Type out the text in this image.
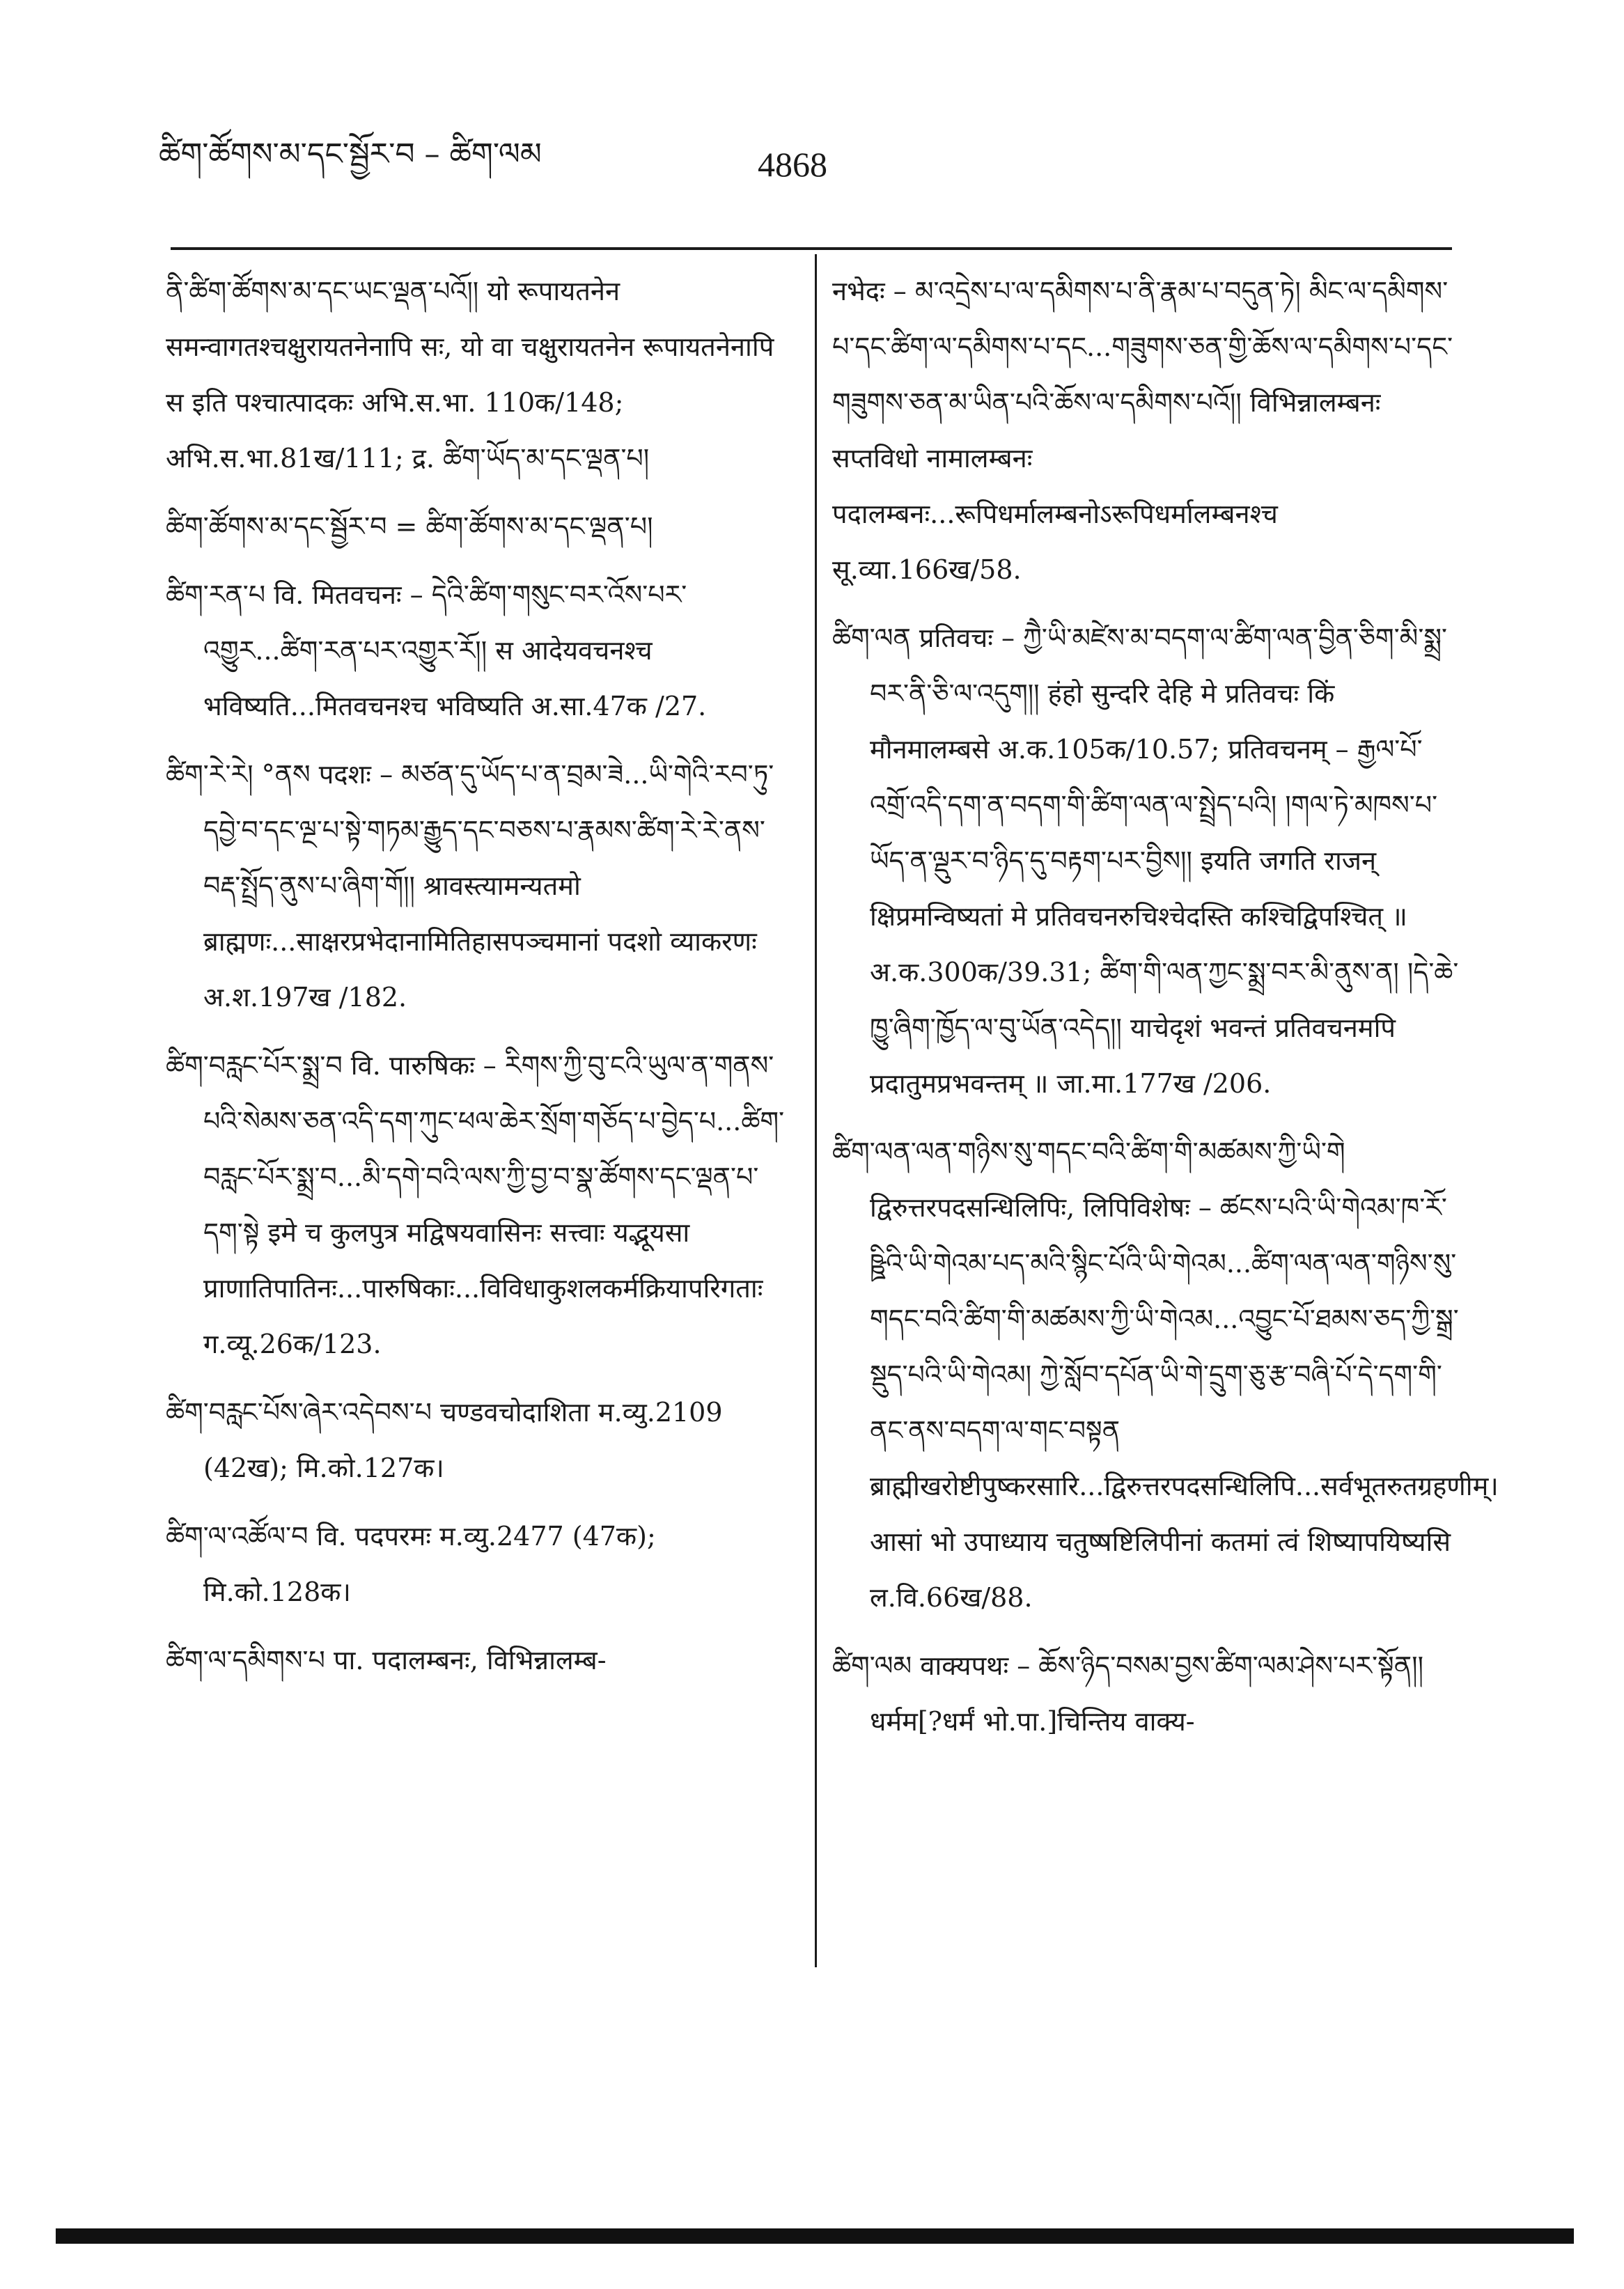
ཚིག་ཚོགས་མ་དང་སྦྱོར་བ – ཚིག་ལམ	4868

ནི་ཚིག་ཚོགས་མ་དང་ཡང་ལྡན་པའོ།། यो रूपायतनेन समन्वागतश्चक्षुरायतनेनापि सः, यो वा चक्षुरायतनेन रूपायतनेनापि स इति पश्चात्पादकः अभि.स.भा. 110क/148; अभि.स.भा.81ख/111; द्र. ཚིག་ཡོད་མ་དང་ལྡན་པ།

ཚིག་ཚོགས་མ་དང་སྦྱོར་བ = ཚིག་ཚོགས་མ་དང་ལྡན་པ།

ཚིག་རན་པ वि. मितवचनः – དེའི་ཚིག་གསུང་བར་འོས་པར་འགྱུར...ཚིག་རན་པར་འགྱུར་རོ།། स आदेयवचनश्च भविष्यति...मितवचनश्च भविष्यति अ.सा.47क /27.

ཚིག་རེ་རེ། °ནས पदशः – མཙན་དུ་ཡོད་པ་ན་བྲམ་ཟེ...ཡི་གེའི་རབ་ཏུ་དབྱེ་བ་དང་ལྔ་པ་སྟེ་གཏམ་རྒྱུད་དང་བཅས་པ་རྣམས་ཚིག་རེ་རེ་ནས་བརྡ་སྤྲོད་ནུས་པ་ཞིག་གོ།། श्रावस्त्यामन्यतमो ब्राह्मणः...साक्षरप्रभेदानामितिहासपञ्चमानां पदशो व्याकरणः अ.श.197ख /182.

ཚིག་བརླང་པོར་སྨྲ་བ वि. पारुषिकः – རིགས་ཀྱི་བུ་ངའི་ཡུལ་ན་གནས་པའི་སེམས་ཅན་འདི་དག་ཀུང་ཕལ་ཆེར་སྲོག་གཅོད་པ་བྱེད་པ...ཚིག་བརླང་པོར་སྨྲ་བ...མི་དགེ་བའི་ལས་ཀྱི་བྱ་བ་སྣ་ཚོགས་དང་ལྡན་པ་དག་སྟེ इमे च कुलपुत्र मद्विषयवासिनः सत्त्वाः यद्भूयसा प्राणातिपातिनः...पारुषिकाः...विविधाकुशलकर्मक्रियापरिगताः ग.व्यू.26क/123.

ཚིག་བརླང་པོས་ཞེར་འདེབས་པ चण्डवचोदाशिता म.व्यु.2109 (42ख); मि.को.127क।

ཚིག་ལ་འཚོལ་བ वि. पदपरमः म.व्यु.2477 (47क); मि.को.128क।

ཚིག་ལ་དམིགས་པ पा. पदालम्बनः, विभिन्नालम्ब-

नभेदः – མ་འདྲེས་པ་ལ་དམིགས་པ་ནི་རྣམ་པ་བདུན་ཏེ། མིང་ལ་དམིགས་པ་དང་ཚིག་ལ་དམིགས་པ་དང...གཟུགས་ཅན་གྱི་ཆོས་ལ་དམིགས་པ་དང་གཟུགས་ཅན་མ་ཡིན་པའི་ཆོས་ལ་དམིགས་པའོ།། विभिन्नालम्बनः सप्तविधो नामालम्बनः पदालम्बनः...रूपिधर्मालम्बनोऽरूपिधर्मालम्बनश्च सू.व्या.166ख/58.

ཚིག་ལན प्रतिवचः – ཀྱཻ་ཡི་མཛེས་མ་བདག་ལ་ཚིག་ལན་བྱིན་ཅིག་མི་སྨྲ་བར་ནི་ཅི་ལ་འདུག།། हंहो सुन्दरि देहि मे प्रतिवचः किं मौनमालम्बसे अ.क.105क/10.57; प्रतिवचनम् – རྒྱལ་པོ་འགྲོ་འདི་དག་ན་བདག་གི་ཚིག་ལན་ལ་སྤྲེད་པའི། །གལ་ཏེ་མཁས་པ་ཡོད་ན་ལྡུར་བ་ཉིད་དུ་བརྟག་པར་བྱིས།། इयति जगति राजन् क्षिप्रमन्विष्यतां मे प्रतिवचनरुचिश्चेदस्ति कश्चिद्विपश्चित् ॥ अ.क.300क/39.31; ཚིག་གི་ལན་ཀྱང་སྨྲ་བར་མི་ནུས་ན། །དེ་ཆེ་ཁྱུ་ཞིག་ཁྱོད་ལ་བུ་ཡོན་འདེད།། याचेदृशं भवन्तं प्रतिवचनमपि प्रदातुमप्रभवन्तम् ॥ जा.मा.177ख /206.

ཚིག་ལན་ལན་གཉིས་སུ་གདང་བའི་ཚིག་གི་མཚམས་ཀྱི་ཡི་གེ द्विरुत्तरपदसन्धिलिपिः, लिपिविशेषः – ཚངས་པའི་ཡི་གེའམ་ཁ་རོ་ཥྛིའི་ཡི་གེའམ་པད་མའི་སྙིང་པོའི་ཡི་གེའམ...ཚིག་ལན་ལན་གཉིས་སུ་གདང་བའི་ཚིག་གི་མཚམས་ཀྱི་ཡི་གེའམ...འབྱུང་པོ་ཐམས་ཅད་ཀྱི་སྒྲ་སྡུད་པའི་ཡི་གེའམ། ཀྱེ་སློབ་དཔོན་ཡི་གེ་དྲུག་ཅུ་རྩ་བཞི་པོ་དེ་དག་གི་ནང་ནས་བདག་ལ་གང་བསྟན ब्राह्मीखरोष्टीपुष्करसारि...द्विरुत्तरपदसन्धिलिपि...सर्वभूतरुतग्रहणीम्। आसां भो उपाध्याय चतुष्षष्टिलिपीनां कतमां त्वं शिष्यापयिष्यसि ल.वि.66ख/88.

ཚིག་ལམ वाक्यपथः – ཆོས་ཉིད་བསམ་བྱས་ཚིག་ལམ་ཤེས་པར་སྟོན།། धर्मम[?धर्मं भो.पा.]चिन्तिय वाक्य-
